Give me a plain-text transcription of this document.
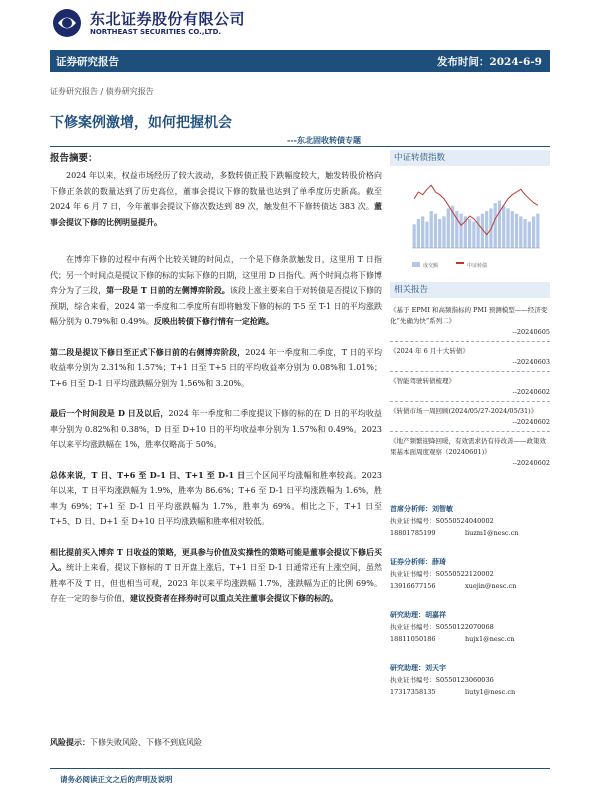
东北证券股份有限公司
NORTHEAST SECURITIES CO.,LTD.
证券研究报告	发布时间：2024-6-9
证券研究报告 / 债券研究报告
下修案例激增，如何把握机会
---东北固收转债专题
报告摘要：

2024 年以来，权益市场经历了较大波动，多数转债正股下跌幅度较大，触发转股价格向下修正条款的数量达到了历史高位，董事会提议下修的数量也达到了单季度历史新高。截至 2024 年 6 月 7 日，今年董事会提议下修次数达到 89 次，触发但不下修转债达 383 次。董事会提议下修的比例明显提升。

在博弈下修的过程中有两个比较关键的时间点，一个是下修条款触发日，这里用 T 日指代；另一个时间点是提议下修的标的实际下修的日期，这里用 D 日指代。两个时间点将下修博弈分为了三段，第一段是 T 日前的左侧博弈阶段。该段上涨主要来自于对转债是否提议下修的预期，综合来看，2024 第一季度和二季度所有即将触发下修的标的 T-5 至 T-1 日的平均涨跌幅分别为 0.79%和 0.49%。反映出转债下修行情有一定抢跑。

第二段是提议下修日至正式下修日前的右侧博弈阶段，2024 年一季度和二季度，T 日的平均收益率分别为 2.31%和 1.57%；T+1 日至 T+5 日的平均收益率分别为 0.08%和 1.01%；T+6 日至 D-1 日平均涨跌幅分别为 1.56%和 3.20%。

最后一个时间段是 D 日及以后，2024 年一季度和二季度提议下修的标的在 D 日的平均收益率分别为 0.82%和 0.38%，D 日至 D+10 日的平均收益率分别为 1.57%和 0.49%。2023 年以来平均涨跌幅在 1%，胜率仅略高于 50%。

总体来说，T 日、T+6 至 D-1 日、T+1 至 D-1 日三个区间平均涨幅和胜率较高。2023 年以来，T 日平均涨跌幅为 1.9%，胜率为 86.6%；T+6 至 D-1 日平均涨跌幅为 1.6%，胜率为 69%；T+1 至 D-1 日平均涨跌幅为 1.7%，胜率为 69%。相比之下，T+1 日至 T+5、D 日、D+1 至 D+10 日平均涨跌幅和胜率相对较低。

相比提前买入博弈 T 日收益的策略，更具参与价值及实操性的策略可能是董事会提议下修后买入。统计上来看，提议下修标的 T 日开盘上涨后，T+1 日至 D-1 日通常还有上涨空间，虽然胜率不及 T 日，但也相当可观，2023 年以来平均涨跌幅 1.7%，涨跌幅为正的比例 69%。存在一定的参与价值，建议投资者在择券时可以重点关注董事会提议下修的标的。

风险提示：下修失败风险、下修不到底风险
请务必阅读正文之后的声明及说明
中证转债指数
成交额	中证转债
相关报告
《基于 EPMI 和高频指标的 PMI 预测模型——经济变化“先确为快”系列二》
--20240605
《2024 年 6 月十大转债》
--20240603
《智能驾驶转债梳理》
--20240602
《转债市场一周回顾(2024/05/27-2024/05/31)》
--20240602
《地产频繁迎降回暖，有效需求仍有待改善——政策效果基本面周度观察（20240601)》
--20240602
首席分析师：刘智敏
执业证书编号：S0550524040002
18801785199	liuzm1@nesc.cn
证券分析师：薛琦
执业证书编号：S0550522120002
13916677156	xuejin@nesc.cn
研究助理：胡嘉祥
执业证书编号：S0550122070068
18811050186	hujx1@nesc.cn
研究助理：刘天宇
执业证书编号：S0550123060036
17317358135	liuty1@nesc.cn
